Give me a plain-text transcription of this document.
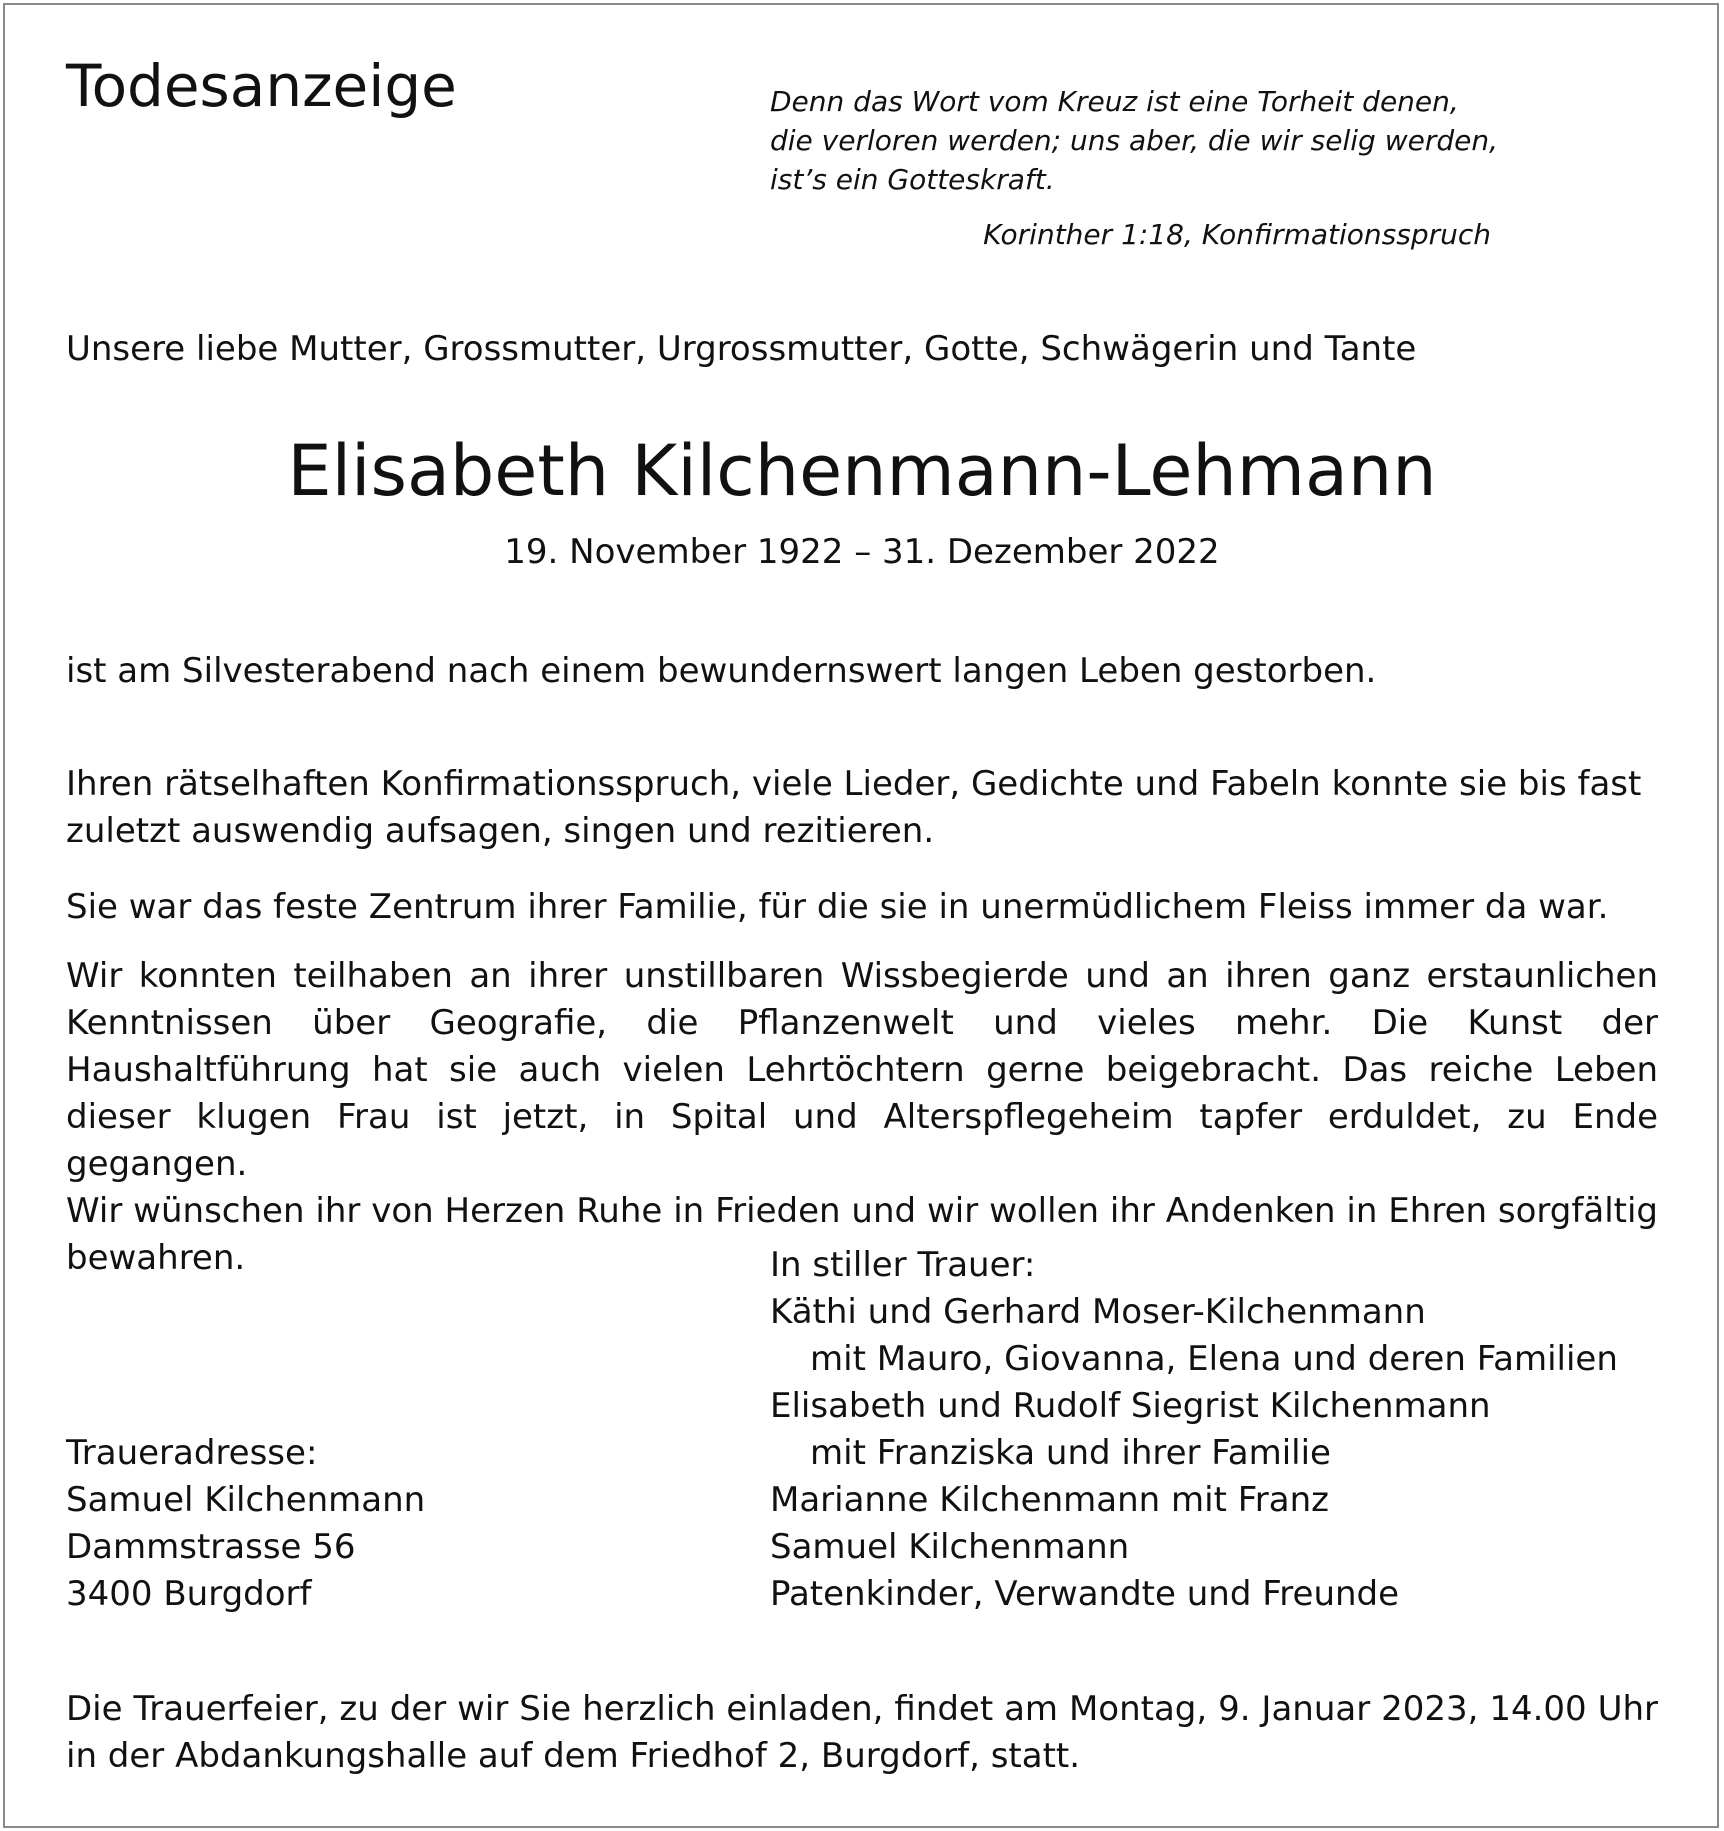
Todesanzeige	Denn das Wort vom Kreuz ist eine Torheit denen,
die verloren werden; uns aber, die wir selig werden,
ist’s ein Gotteskraft.
Korinther 1:18, Konfirmationsspruch
Unsere liebe Mutter, Grossmutter, Urgrossmutter, Gotte, Schwägerin und Tante
Elisabeth Kilchenmann-Lehmann
19. November 1922 – 31. Dezember 2022
ist am Silvesterabend nach einem bewundernswert langen Leben gestorben.
Ihren rätselhaften Konfirmationsspruch, viele Lieder, Gedichte und Fabeln konnte sie bis fast zuletzt auswendig aufsagen, singen und rezitieren.
Sie war das feste Zentrum ihrer Familie, für die sie in unermüdlichem Fleiss immer da war.
Wir konnten teilhaben an ihrer unstillbaren Wissbegierde und an ihren ganz erstaunlichen Kenntnissen über Geografie, die Pflanzenwelt und vieles mehr. Die Kunst der Haushaltführung hat sie auch vielen Lehrtöchtern gerne beigebracht. Das reiche Leben dieser klugen Frau ist jetzt, in Spital und Alterspflegeheim tapfer erduldet, zu Ende gegangen.
Wir wünschen ihr von Herzen Ruhe in Frieden und wir wollen ihr Andenken in Ehren sorgfältig bewahren.	In stiller Trauer:
Käthi und Gerhard Moser-Kilchenmann
mit Mauro, Giovanna, Elena und deren Familien
Elisabeth und Rudolf Siegrist Kilchenmann
mit Franziska und ihrer Familie
Marianne Kilchenmann mit Franz
Samuel Kilchenmann
Patenkinder, Verwandte und Freunde
Traueradresse:
Samuel Kilchenmann
Dammstrasse 56
3400 Burgdorf
Die Trauerfeier, zu der wir Sie herzlich einladen, findet am Montag, 9. Januar 2023, 14.00 Uhr in der Abdankungshalle auf dem Friedhof 2, Burgdorf, statt.
